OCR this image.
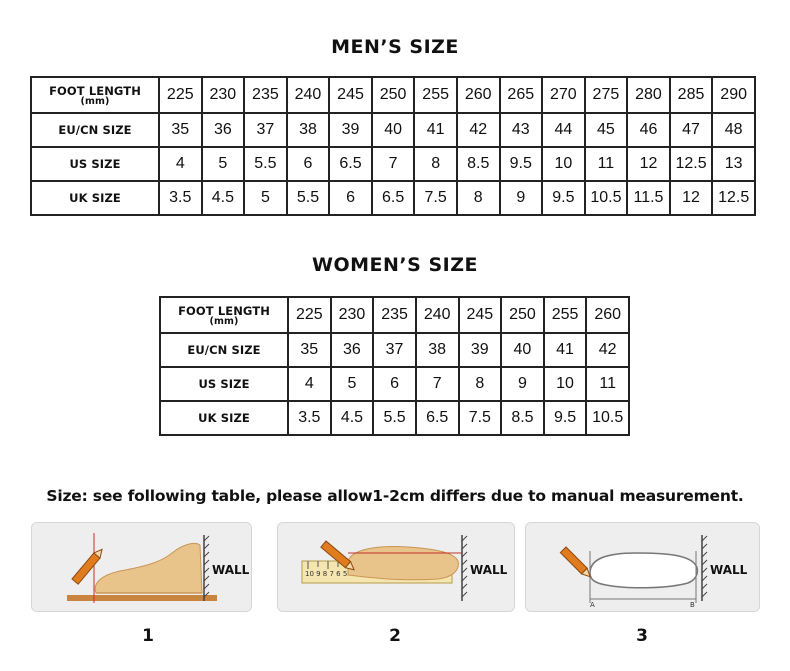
MEN’S SIZE
FOOT LENGTH
(mm)	225	230	235	240	245	250	255	260	265	270	275	280	285	290

EU/CN SIZE	35	36	37	38	39	40	41	42	43	44	45	46	47	48

US SIZE	4	5	5.5	6	6.5	7	8	8.5	9.5	10	11	12	12.5	13

UK SIZE	3.5	4.5	5	5.5	6	6.5	7.5	8	9	9.5	10.5	11.5	12	12.5
WOMEN’S SIZE
FOOT LENGTH
(mm)	225	230	235	240	245	250	255	260

EU/CN SIZE	35	36	37	38	39	40	41	42

US SIZE	4	5	6	7	8	9	10	11

UK SIZE	3.5	4.5	5.5	6.5	7.5	8.5	9.5	10.5
Size: see following table, please allow1-2cm differs due to manual measurement.
WALL	10 9 8 7 6 5	WALL
A	B
WALL
1	2	3
